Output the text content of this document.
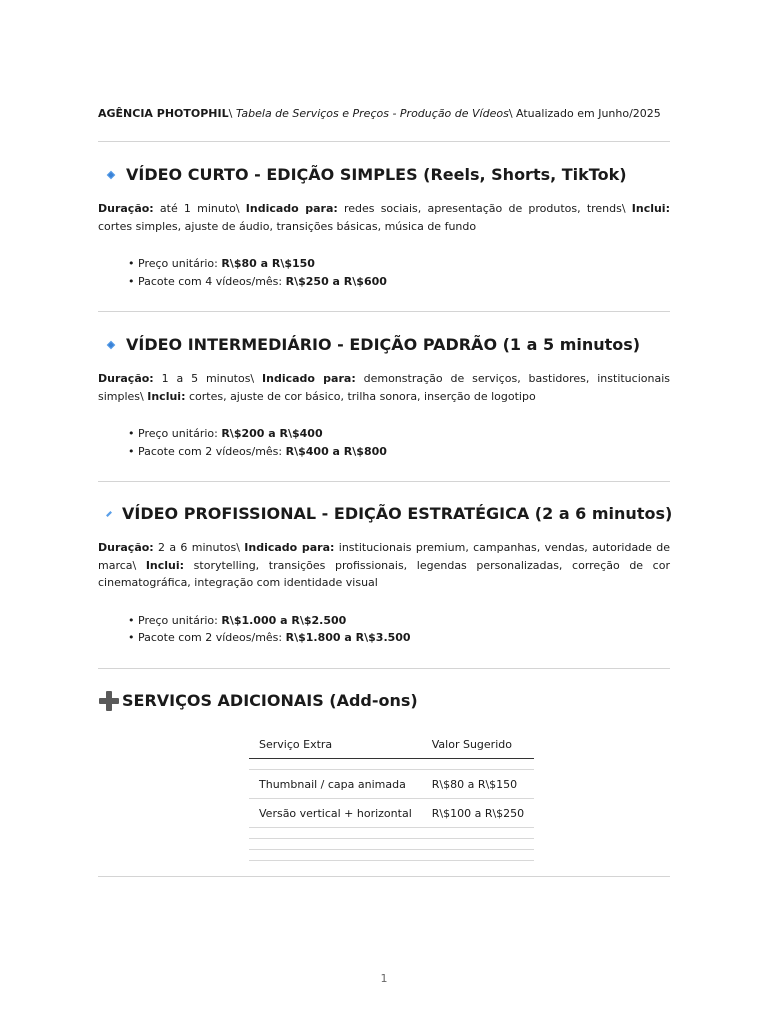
AGÊNCIA PHOTOPHIL\ Tabela de Serviços e Preços - Produção de Vídeos\ Atualizado em Junho/2025
VÍDEO CURTO - EDIÇÃO SIMPLES (Reels, Shorts, TikTok)

Duração: até 1 minuto\ Indicado para: redes sociais, apresentação de produtos, trends\ Inclui: cortes simples, ajuste de áudio, transições básicas, música de fundo

• Preço unitário: R\$80 a R\$150
• Pacote com 4 vídeos/mês: R\$250 a R\$600
VÍDEO INTERMEDIÁRIO - EDIÇÃO PADRÃO (1 a 5 minutos)

Duração: 1 a 5 minutos\ Indicado para: demonstração de serviços, bastidores, institucionais simples\ Inclui: cortes, ajuste de cor básico, trilha sonora, inserção de logotipo

• Preço unitário: R\$200 a R\$400
• Pacote com 2 vídeos/mês: R\$400 a R\$800
VÍDEO PROFISSIONAL - EDIÇÃO ESTRATÉGICA (2 a 6 minutos)

Duração: 2 a 6 minutos\ Indicado para: institucionais premium, campanhas, vendas, autoridade de marca\ Inclui: storytelling, transições profissionais, legendas personalizadas, correção de cor cinematográfica, integração com identidade visual

• Preço unitário: R\$1.000 a R\$2.500
• Pacote com 2 vídeos/mês: R\$1.800 a R\$3.500
SERVIÇOS ADICIONAIS (Add-ons)
Serviço Extra	Valor Sugerido

Thumbnail / capa animada	R\$80 a R\$150
Versão vertical + horizontal	R\$100 a R\$250

1
